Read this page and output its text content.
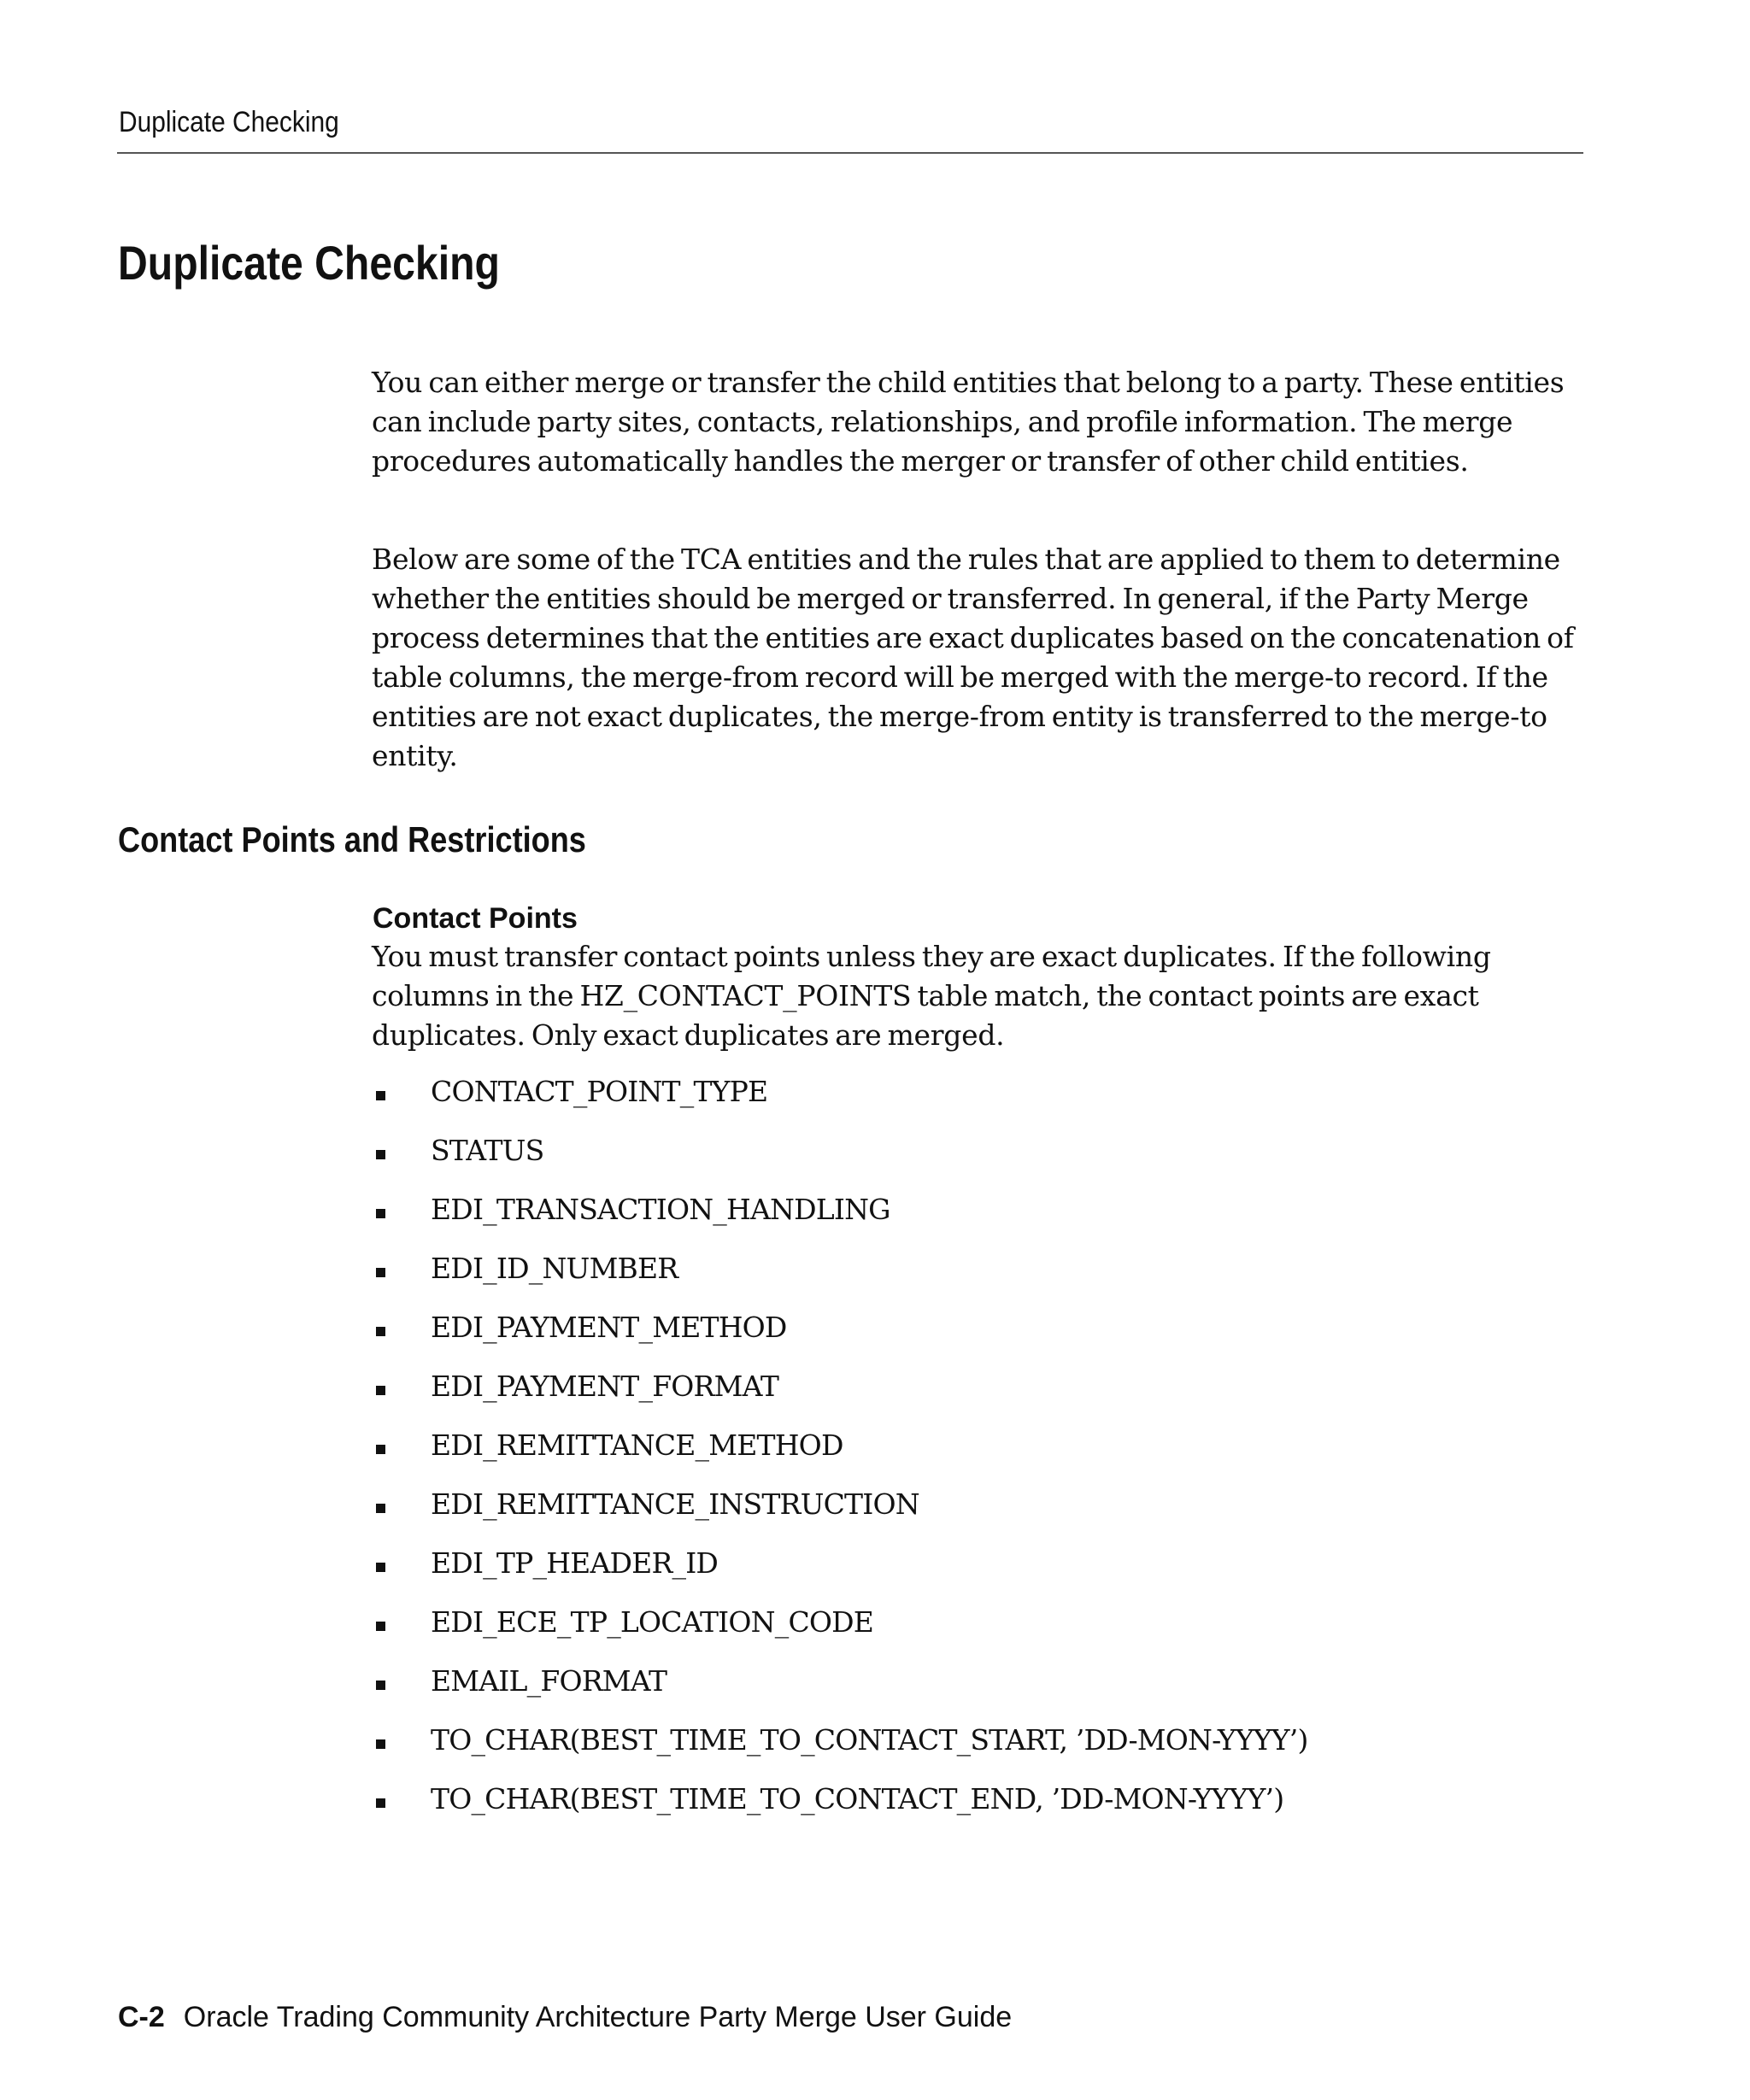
Duplicate Checking
Duplicate Checking

You can either merge or transfer the child entities that belong to a party. These entities can include party sites, contacts, relationships, and profile information. The merge procedures automatically handles the merger or transfer of other child entities.

Below are some of the TCA entities and the rules that are applied to them to determine whether the entities should be merged or transferred. In general, if the Party Merge process determines that the entities are exact duplicates based on the concatenation of table columns, the merge-from record will be merged with the merge-to record. If the entities are not exact duplicates, the merge-from entity is transferred to the merge-to entity.

Contact Points and Restrictions
Contact Points

You must transfer contact points unless they are exact duplicates. If the following columns in the HZ_CONTACT_POINTS table match, the contact points are exact duplicates. Only exact duplicates are merged.

CONTACT_POINT_TYPE
STATUS
EDI_TRANSACTION_HANDLING
EDI_ID_NUMBER
EDI_PAYMENT_METHOD
EDI_PAYMENT_FORMAT
EDI_REMITTANCE_METHOD
EDI_REMITTANCE_INSTRUCTION
EDI_TP_HEADER_ID
EDI_ECE_TP_LOCATION_CODE
EMAIL_FORMAT
TO_CHAR(BEST_TIME_TO_CONTACT_START, ’DD-MON-YYYY’)
TO_CHAR(BEST_TIME_TO_CONTACT_END, ’DD-MON-YYYY’)
C-2 Oracle Trading Community Architecture Party Merge User Guide
